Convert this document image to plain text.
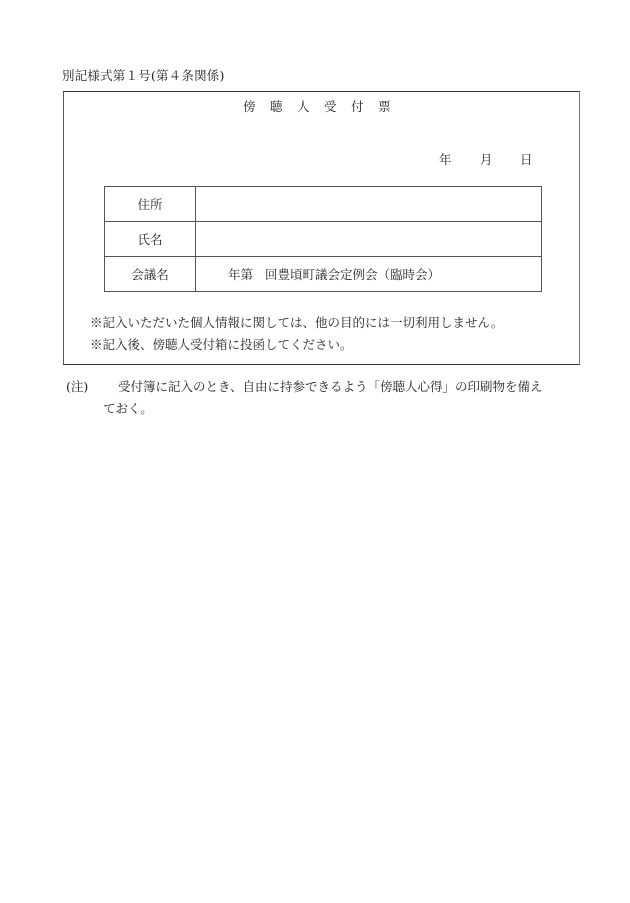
別記様式第１号(第４条関係)
傍 聴 人 受 付 票
年 月 日
住所	
氏名	
会議名	年第 回豊頃町議会定例会（臨時会）
※記入いただいた個人情報に関しては、他の目的には一切利用しません。
※記入後、傍聴人受付箱に投函してください。
(注) 受付簿に記入のとき、自由に持参できるよう「傍聴人心得」の印刷物を備え
ておく。
